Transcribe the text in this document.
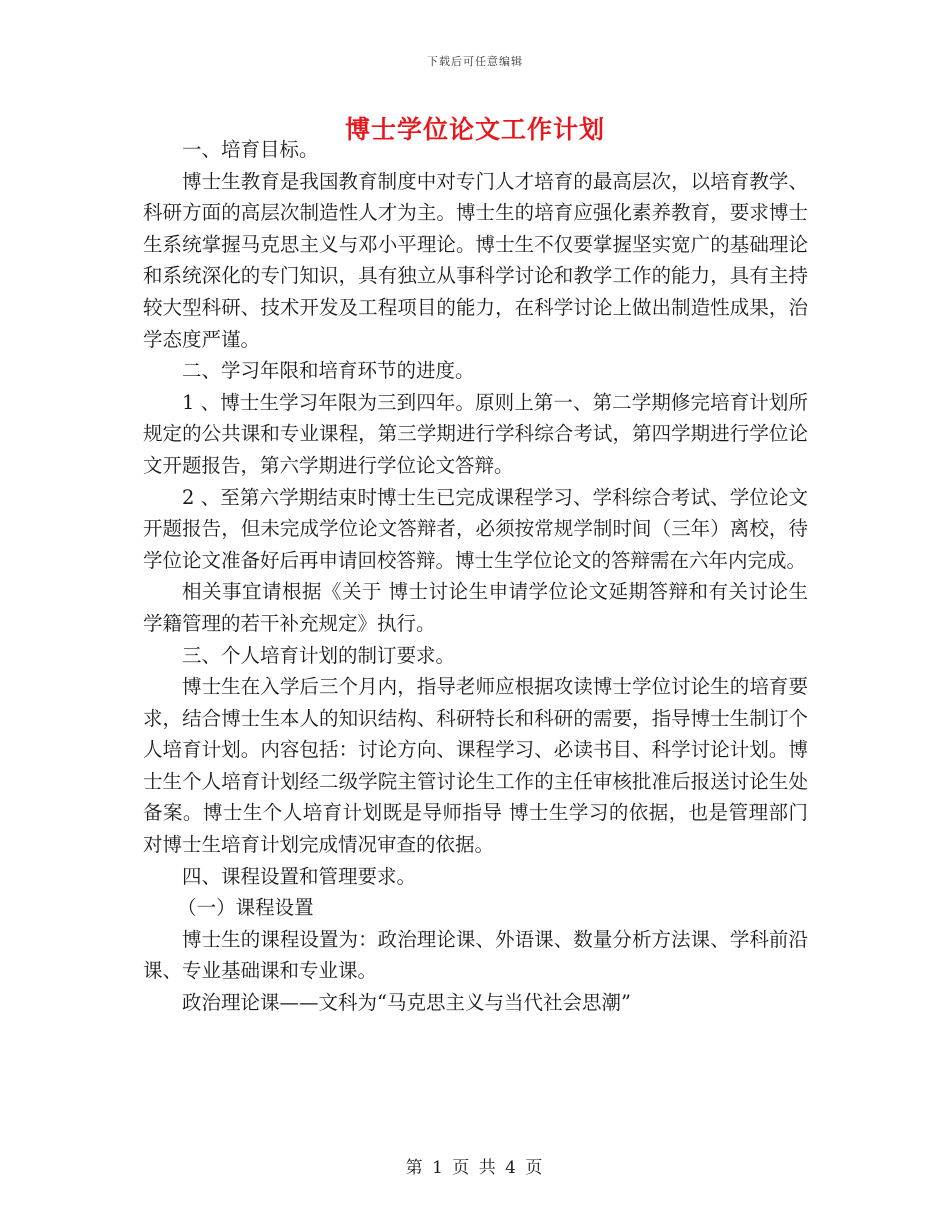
下载后可任意编辑
博士学位论文工作计划

一、培育目标。

博士生教育是我国教育制度中对专门人才培育的最高层次，以培育教学、科研方面的高层次制造性人才为主。博士生的培育应强化素养教育，要求博士生系统掌握马克思主义与邓小平理论。博士生不仅要掌握坚实宽广的基础理论和系统深化的专门知识，具有独立从事科学讨论和教学工作的能力，具有主持较大型科研、技术开发及工程项目的能力，在科学讨论上做出制造性成果，治学态度严谨。

二、学习年限和培育环节的进度。

1 、博士生学习年限为三到四年。原则上第一、第二学期修完培育计划所规定的公共课和专业课程，第三学期进行学科综合考试，第四学期进行学位论文开题报告，第六学期进行学位论文答辩。

2 、至第六学期结束时博士生已完成课程学习、学科综合考试、学位论文开题报告，但未完成学位论文答辩者，必须按常规学制时间（三年）离校，待学位论文准备好后再申请回校答辩。博士生学位论文的答辩需在六年内完成。

相关事宜请根据《关于 博士讨论生申请学位论文延期答辩和有关讨论生学籍管理的若干补充规定》执行。

三、个人培育计划的制订要求。

博士生在入学后三个月内，指导老师应根据攻读博士学位讨论生的培育要求，结合博士生本人的知识结构、科研特长和科研的需要，指导博士生制订个人培育计划。内容包括：讨论方向、课程学习、必读书目、科学讨论计划。博士生个人培育计划经二级学院主管讨论生工作的主任审核批准后报送讨论生处备案。博士生个人培育计划既是导师指导 博士生学习的依据，也是管理部门对博士生培育计划完成情况审查的依据。

四、课程设置和管理要求。

（一）课程设置

博士生的课程设置为：政治理论课、外语课、数量分析方法课、学科前沿课、专业基础课和专业课。

政治理论课——文科为“马克思主义与当代社会思潮”

第 1 页 共 4 页
